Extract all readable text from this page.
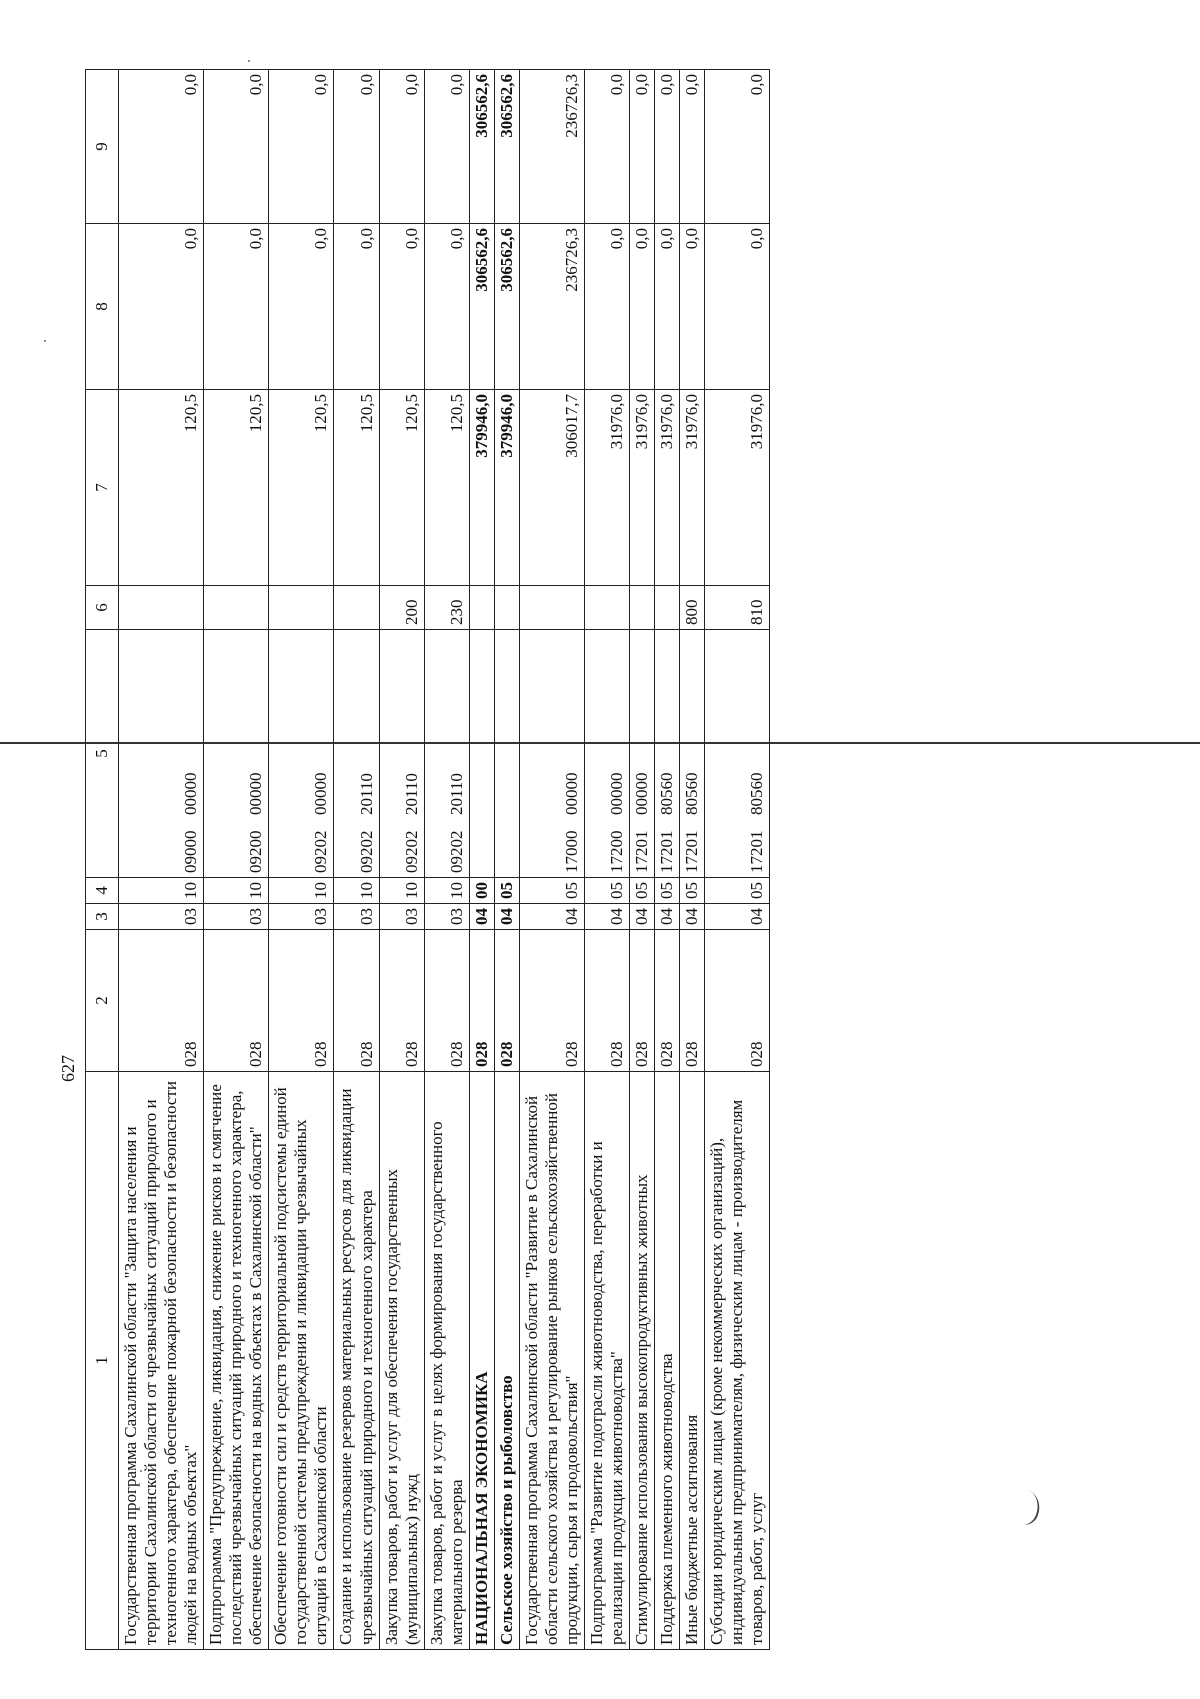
627
1	2	3	4	5	6	7	8	9
Государственная программа Сахалинской области "Защита населения и территории Сахалинской области от чрезвычайных ситуаций природного и техногенного характера, обеспечение пожарной безопасности и безопасности людей на водных объектах"	028	03	10	0900000000		120,5	0,0	0,0
Подпрограмма "Предупреждение, ликвидация, снижение рисков и смягчение последствий чрезвычайных ситуаций природного и техногенного характера, обеспечение безопасности на водных объектах в Сахалинской области"	028	03	10	0920000000		120,5	0,0	0,0
Обеспечение готовности сил и средств территориальной подсистемы единой государственной системы предупреждения и ликвидации чрезвычайных ситуаций в Сахалинской области	028	03	10	0920200000		120,5	0,0	0,0
Создание и использование резервов материальных ресурсов для ликвидации чрезвычайных ситуаций природного и техногенного характера	028	03	10	0920220110		120,5	0,0	0,0
Закупка товаров, работ и услуг для обеспечения государственных (муниципальных) нужд	028	03	10	0920220110	200	120,5	0,0	0,0
Закупка товаров, работ и услуг в целях формирования государственного материального резерва	028	03	10	0920220110	230	120,5	0,0	0,0
НАЦИОНАЛЬНАЯ ЭКОНОМИКА	028	04	00			379946,0	306562,6	306562,6
Сельское хозяйство и рыболовство	028	04	05			379946,0	306562,6	306562,6
Государственная программа Сахалинской области "Развитие в Сахалинской области сельского хозяйства и регулирование рынков сельскохозяйственной продукции, сырья и продовольствия"	028	04	05	1700000000		306017,7	236726,3	236726,3
Подпрограмма "Развитие подотрасли животноводства, переработки и реализации продукции животноводства"	028	04	05	1720000000		31976,0	0,0	0,0
Стимулирование использования высокопродуктивных животных	028	04	05	1720100000		31976,0	0,0	0,0
Поддержка племенного животноводства	028	04	05	1720180560		31976,0	0,0	0,0
Иные бюджетные ассигнования	028	04	05	1720180560	800	31976,0	0,0	0,0
Субсидии юридическим лицам (кроме некоммерческих организаций), индивидуальным предпринимателям, физическим лицам - производителям товаров, работ, услуг	028	04	05	1720180560	810	31976,0	0,0	0,0
